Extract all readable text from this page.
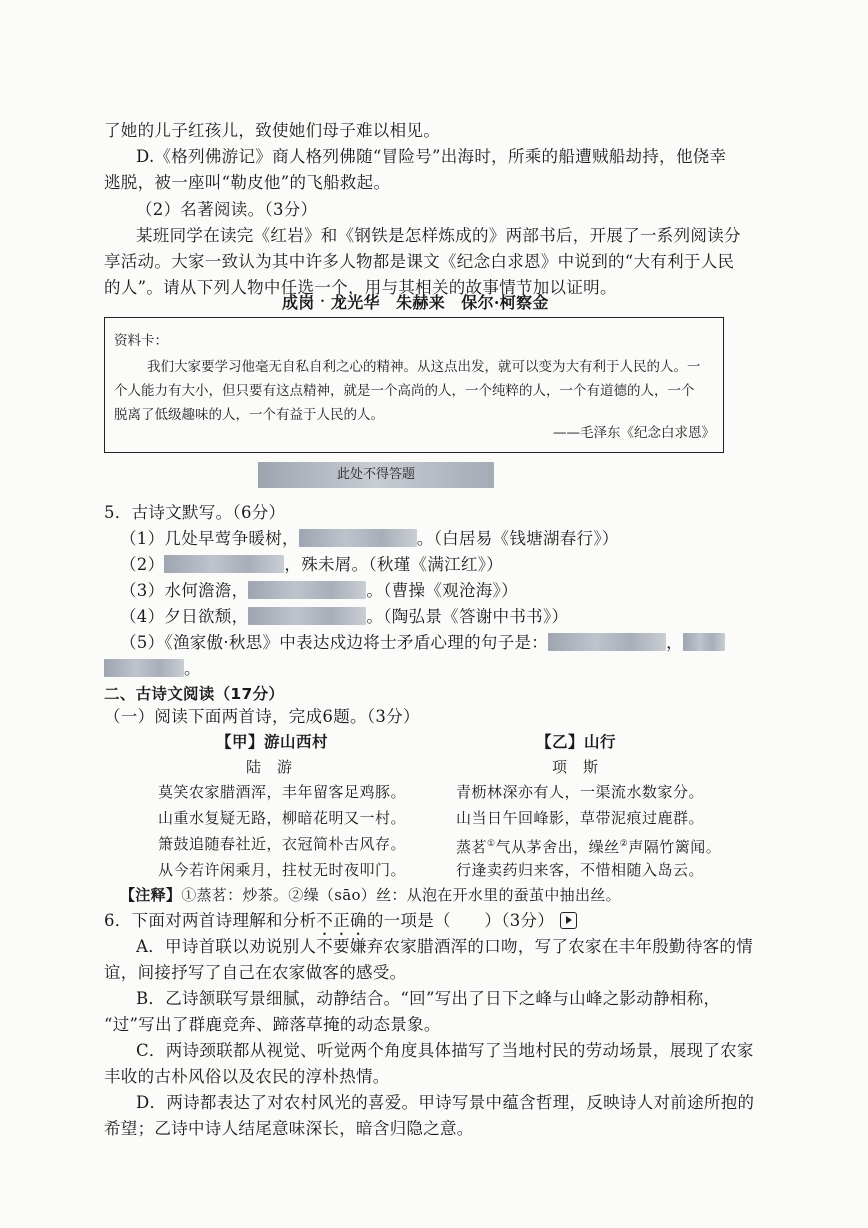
了她的儿子红孩儿，致使她们母子难以相见。
D.《格列佛游记》商人格列佛随“冒险号”出海时，所乘的船遭贼船劫持，他侥幸
逃脱，被一座叫“勒皮他”的飞船救起。
（2）名著阅读。（3分）
某班同学在读完《红岩》和《钢铁是怎样炼成的》两部书后，开展了一系列阅读分
享活动。大家一致认为其中许多人物都是课文《纪念白求恩》中说到的“大有利于人民
的人”。请从下列人物中任选一个，用与其相关的故事情节加以证明。
成岗　龙光华　朱赫来　保尔·柯察金
资料卡：
我们大家要学习他毫无自私自利之心的精神。从这点出发，就可以变为大有利于人民的人。一
个人能力有大小，但只要有这点精神，就是一个高尚的人，一个纯粹的人，一个有道德的人，一个
脱离了低级趣味的人，一个有益于人民的人。
——毛泽东《纪念白求恩》
此处不得答题
5．古诗文默写。（6分）
（1）几处早莺争暖树，	。（白居易《钱塘湖春行》）
（2）	，殊未屑。（秋瑾《满江红》）
（3）水何澹澹，	。（曹操《观沧海》）
（4）夕日欲颓，	。（陶弘景《答谢中书书》）
（5）《渔家傲·秋思》中表达戍边将士矛盾心理的句子是：	，
。
二、古诗文阅读（17分）
（一）阅读下面两首诗，完成6题。（3分）
【甲】游山西村
陆　游
莫笑农家腊酒浑，丰年留客足鸡豚。
山重水复疑无路，柳暗花明又一村。
箫鼓追随春社近，衣冠简朴古风存。
从今若许闲乘月，拄杖无时夜叩门。
【乙】山行
项　斯
青枥林深亦有人，一渠流水数家分。
山当日午回峰影，草带泥痕过鹿群。
蒸茗①气从茅舍出，缲丝②声隔竹篱闻。
行逢卖药归来客，不惜相随入岛云。
【注释】①蒸茗：炒茶。②缲（sāo）丝：从泡在开水里的蚕茧中抽出丝。
6．下面对两首诗理解和分析不正确的一项是（　　）（3分）
A．甲诗首联以劝说别人不要嫌弃农家腊酒浑的口吻，写了农家在丰年殷勤待客的情
谊，间接抒写了自己在农家做客的感受。
B．乙诗颔联写景细腻，动静结合。“回”写出了日下之峰与山峰之影动静相称，
“过”写出了群鹿竞奔、蹄落草掩的动态景象。
C．两诗颈联都从视觉、听觉两个角度具体描写了当地村民的劳动场景，展现了农家
丰收的古朴风俗以及农民的淳朴热情。
D．两诗都表达了对农村风光的喜爱。甲诗写景中蕴含哲理，反映诗人对前途所抱的
希望；乙诗中诗人结尾意味深长，暗含归隐之意。
